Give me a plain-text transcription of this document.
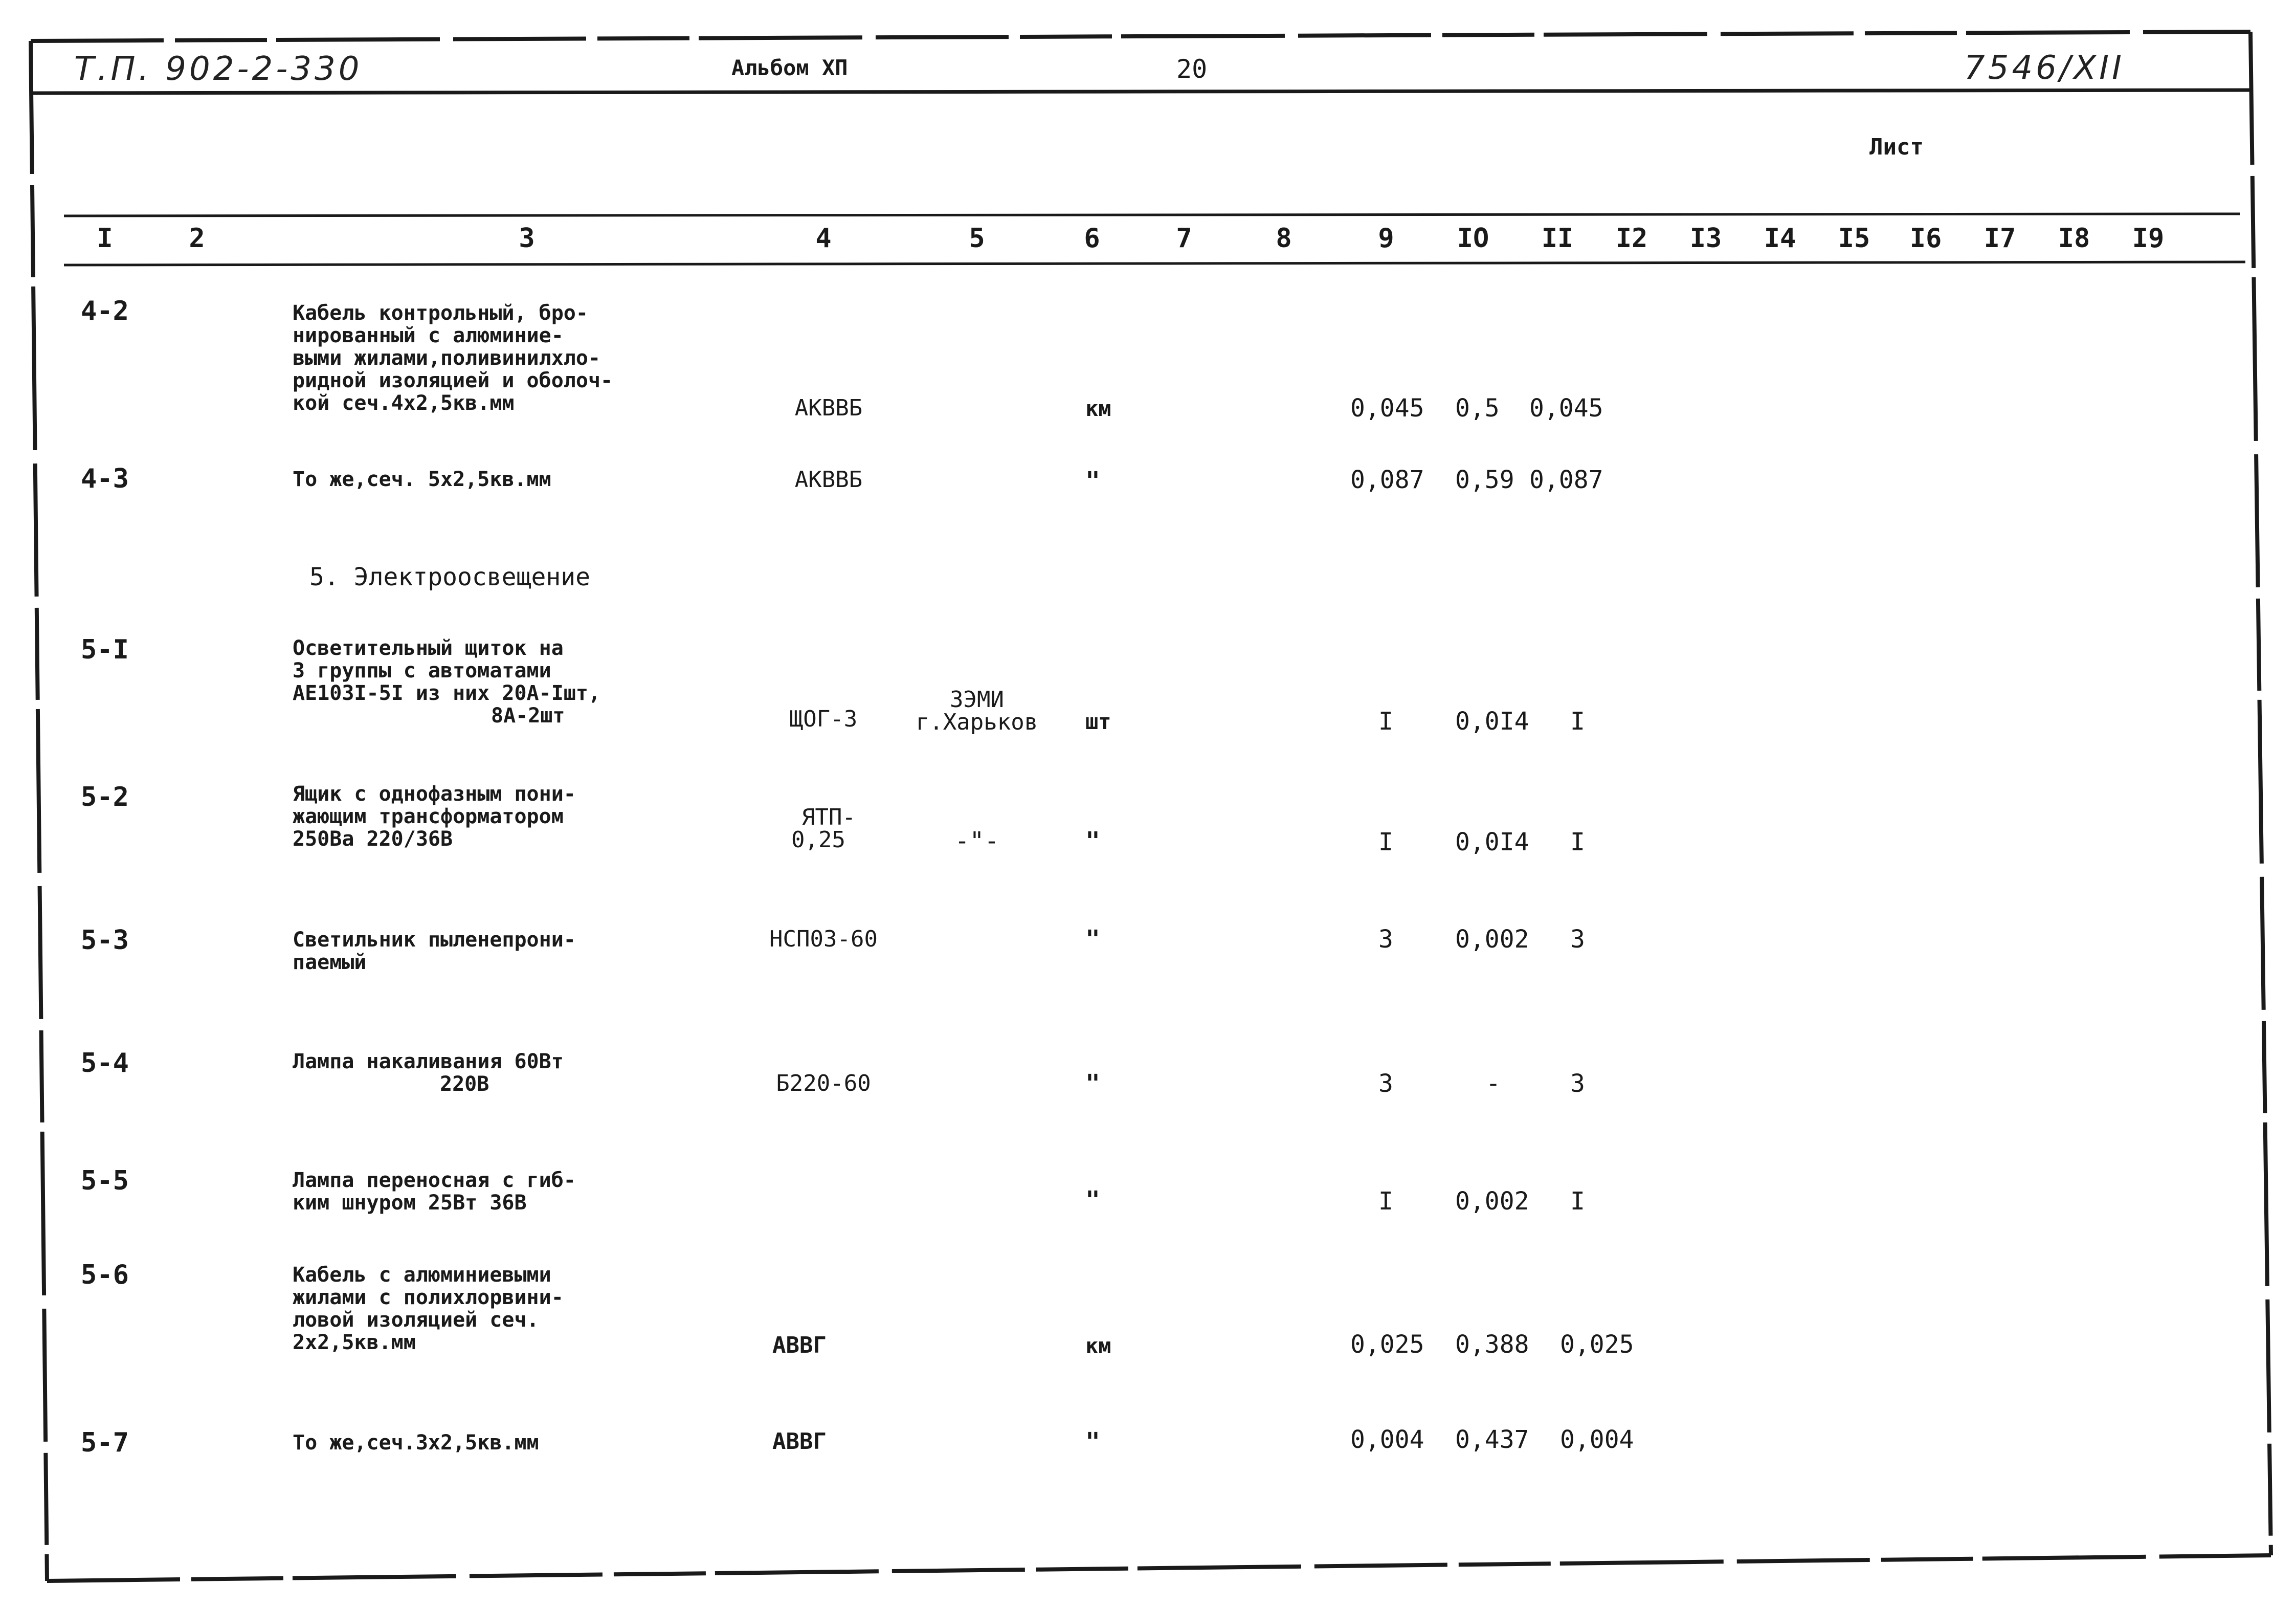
Т.П. 902-2-330	Альбом ХП	20	7546/XII
Лист
I	2	3	4	5	6	7	8	9 IO II I2 I3 I4 I5 I6 I7 I8 I9
4-2	Кабель контрольный, бро-
нированный с алюминие-
выми жилами,поливинилхло-
ридной изоляцией и оболоч-
кой сеч.4х2,5кв.мм	АКВВБ	км	0,045 0,5 0,045
4-3	То же,сеч. 5х2,5кв.мм	АКВВБ	"	0,087 0,59 0,087
5. Электроосвещение
5-I	Осветительный щиток на
3 группы с автоматами
АЕ103I-5I из них 20А-Iшт,
8А-2шт	ЩОГ-3
ЗЭМИ
г.Харьков шт	I	0,0I4 I
5-2	Ящик с однофазным пони-
жающим трансформатором
250Ва 220/36В
ЯТП-
0,25	-"-	"	I	0,0I4 I
5-3	Светильник пыленепрони-
паемый
НСП03-60	"	3	0,002 3
5-4	Лампа накаливания 60Вт
220В	Б220-60	"	3	-	3
5-5	Лампа переносная с гиб-
ким шнуром 25Вт 36В	"	I	0,002 I
5-6	Кабель с алюминиевыми
жилами с полихлорвини-
ловой изоляцией сеч.
2х2,5кв.мм	АВВГ	км	0,025 0,388 0,025
5-7	То же,сеч.3х2,5кв.мм	АВВГ	"	0,004 0,437 0,004
